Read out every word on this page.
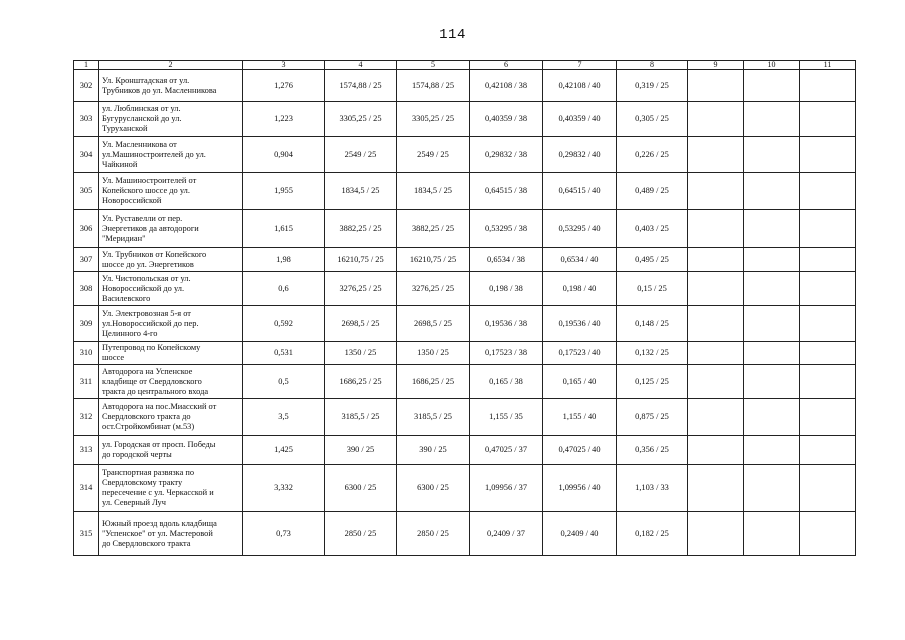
114
1	2	3	4	5	6	7	8	9	10	11
302	Ул. Кронштадская от ул.
Трубников до ул. Масленникова	1,276	1574,88 / 25	1574,88 / 25	0,42108 / 38	0,42108 / 40	0,319 / 25			
303	ул. Люблинская от ул.
Бугурусланской до ул.
Туруханской	1,223	3305,25 / 25	3305,25 / 25	0,40359 / 38	0,40359 / 40	0,305 / 25			
304	Ул. Масленникова от
ул.Машиностроителей до ул.
Чайкиной	0,904	2549 / 25	2549 / 25	0,29832 / 38	0,29832 / 40	0,226 / 25			
305	Ул. Машиностроителей от
Копейского шоссе до ул.
Новороссийской	1,955	1834,5 / 25	1834,5 / 25	0,64515 / 38	0,64515 / 40	0,489 / 25			
306	Ул. Руставелли от пер.
Энергетиков да автодороги
"Меридиан"	1,615	3882,25 / 25	3882,25 / 25	0,53295 / 38	0,53295 / 40	0,403 / 25			
307	Ул. Трубников от Копейского
шоссе до ул. Энергетиков	1,98	16210,75 / 25	16210,75 / 25	0,6534 / 38	0,6534 / 40	0,495 / 25			
308	Ул. Чистопольская от ул.
Новороссийской до ул.
Василевского	0,6	3276,25 / 25	3276,25 / 25	0,198 / 38	0,198 / 40	0,15 / 25			
309	Ул. Электровозная 5-я от
ул.Новороссийской до пер.
Целинного 4-го	0,592	2698,5 / 25	2698,5 / 25	0,19536 / 38	0,19536 / 40	0,148 / 25			
310	Путепровод по Копейскому
шоссе	0,531	1350 / 25	1350 / 25	0,17523 / 38	0,17523 / 40	0,132 / 25			
311	Автодорога на Успенское
кладбище от Свердловского
тракта до центрального входа	0,5	1686,25 / 25	1686,25 / 25	0,165 / 38	0,165 / 40	0,125 / 25			
312	Автодорога на пос.Миасский от
Свердловского тракта до
ост.Стройкомбинат (м.53)	3,5	3185,5 / 25	3185,5 / 25	1,155 / 35	1,155 / 40	0,875 / 25			
313	ул. Городская от просп. Победы
до городской черты	1,425	390 / 25	390 / 25	0,47025 / 37	0,47025 / 40	0,356 / 25			
314	Транспортная развязка по
Свердловскому тракту
пересечение с ул. Черкасской и
ул. Северный Луч	3,332	6300 / 25	6300 / 25	1,09956 / 37	1,09956 / 40	1,103 / 33			
315	Южный проезд вдоль кладбища
"Успенское" от ул. Мастеровой
до Свердловского тракта	0,73	2850 / 25	2850 / 25	0,2409 / 37	0,2409 / 40	0,182 / 25			
